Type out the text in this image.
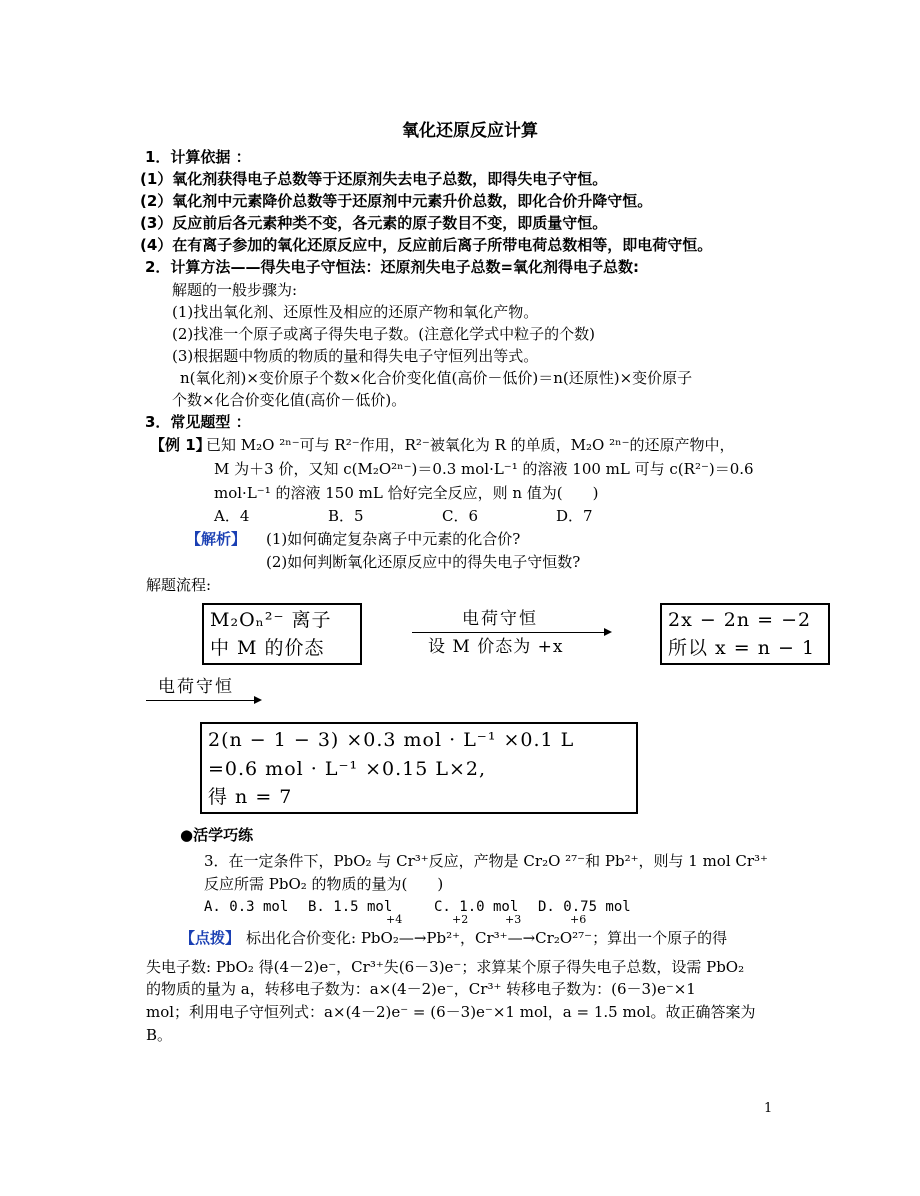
氧化还原反应计算
1．计算依据 ：
(1）氧化剂获得电子总数等于还原剂失去电子总数，即得失电子守恒。
(2）氧化剂中元素降价总数等于还原剂中元素升价总数，即化合价升降守恒。
(3）反应前后各元素种类不变，各元素的原子数目不变，即质量守恒。
(4）在有离子参加的氧化还原反应中，反应前后离子所带电荷总数相等，即电荷守恒。
2．计算方法——得失电子守恒法：还原剂失电子总数=氧化剂得电子总数:
解题的一般步骤为:
(1)找出氧化剂、还原性及相应的还原产物和氧化产物。
(2)找准一个原子或离子得失电子数。(注意化学式中粒子的个数)
(3)根据题中物质的物质的量和得失电子守恒列出等式。
n(氧化剂)×变价原子个数×化合价变化值(高价－低价)＝n(还原性)×变价原子
个数×化合价变化值(高价－低价)。
3．常见题型 ：
【例 1】
已知 M₂O ²ⁿ⁻可与 R²⁻作用，R²⁻被氧化为 R 的单质，M₂O ²ⁿ⁻的还原产物中，
M 为＋3 价，又知 c(M₂O²ⁿ⁻)＝0.3 mol·L⁻¹ 的溶液 100 mL 可与 c(R²⁻)＝0.6
mol·L⁻¹ 的溶液 150 mL 恰好完全反应，则 n 值为(　　)
A．4	B．5	C．6	D．7
【解析】 (1)如何确定复杂离子中元素的化合价?
(2)如何判断氧化还原反应中的得失电子守恒数?
解题流程:
M₂Oₙ²⁻ 离子
中 M 的价态
电荷守恒
设 M 价态为 +x
2x − 2n = −2
所以 x = n − 1
电荷守恒
2(n − 1 − 3) ×0.3 mol · L⁻¹ ×0.1 L
=0.6 mol · L⁻¹ ×0.15 L×2,
得 n = 7
●活学巧练
3．在一定条件下，PbO₂ 与 Cr³⁺反应，产物是 Cr₂O ²⁷⁻和 Pb²⁺，则与 1 mol Cr³⁺
反应所需 PbO₂ 的物质的量为(　　)
A. 0.3 mol B. 1.5 mol	C. 1.0 mol D. 0.75 mol
+4	+2	+3	+6
【点拨】 标出化合价变化: PbO₂—→Pb²⁺，Cr³⁺—→Cr₂O²⁷⁻；算出一个原子的得
失电子数: PbO₂ 得(4－2)e⁻，Cr³⁺失(6－3)e⁻；求算某个原子得失电子总数，设需 PbO₂
的物质的量为 a，转移电子数为：a×(4－2)e⁻，Cr³⁺ 转移电子数为：(6－3)e⁻×1
mol；利用电子守恒列式：a×(4－2)e⁻ = (6－3)e⁻×1 mol，a = 1.5 mol。故正确答案为
B。
1
